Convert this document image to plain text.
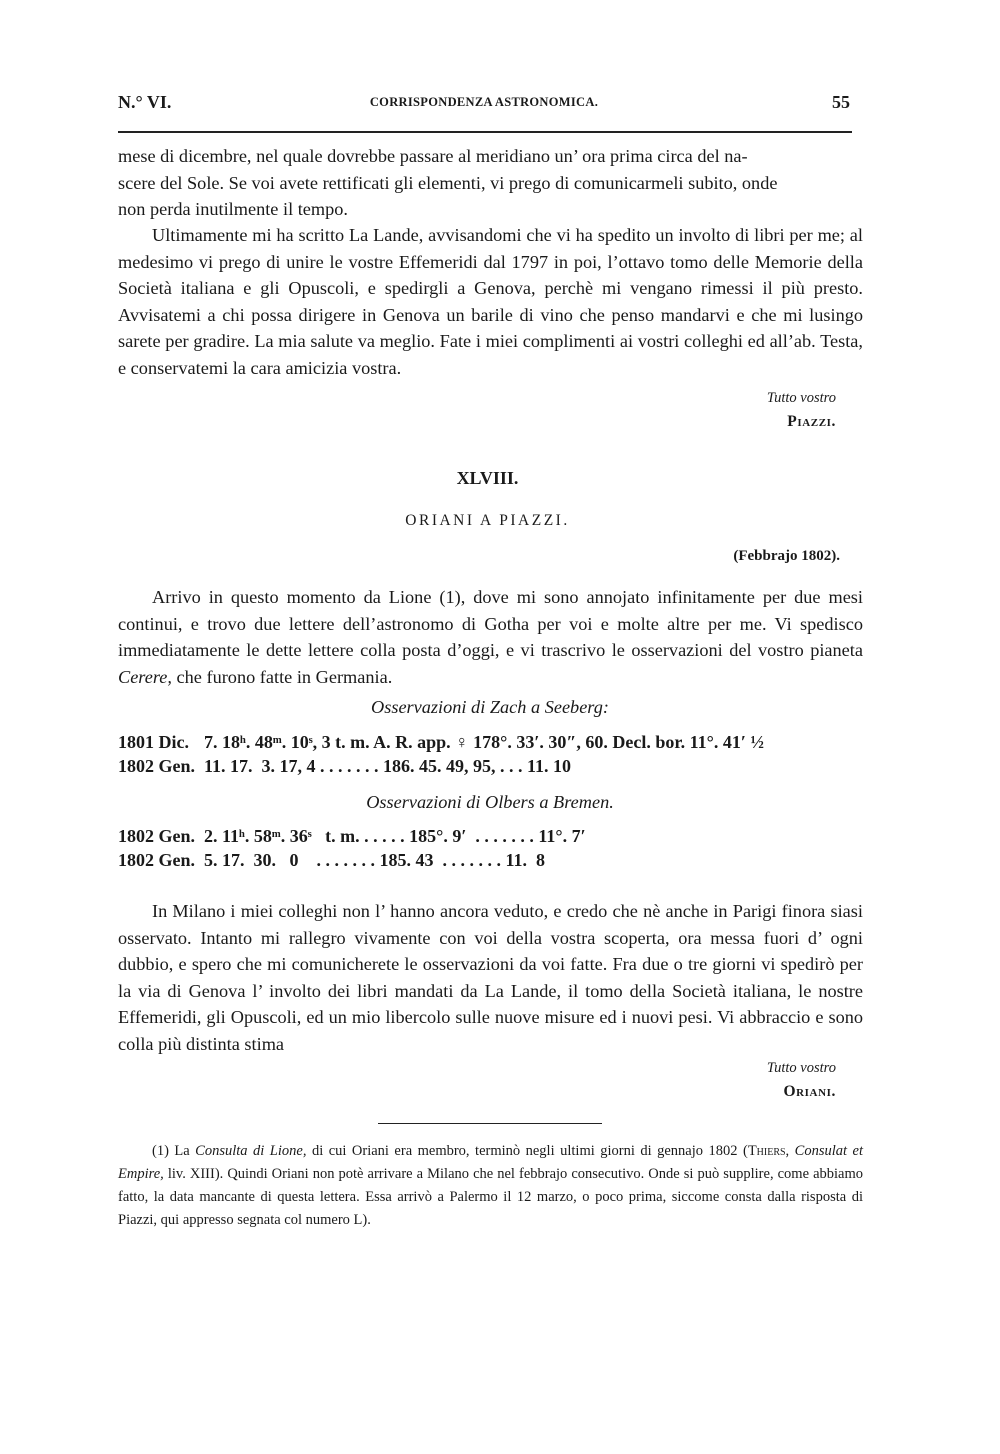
N.° VI.	CORRISPONDENZA ASTRONOMICA.	55

mese di dicembre, nel quale dovrebbe passare al meridiano un’ ora prima circa del na-
scere del Sole. Se voi avete rettificati gli elementi, vi prego di comunicarmeli subito, onde
non perda inutilmente il tempo.

Ultimamente mi ha scritto La Lande, avvisandomi che vi ha spedito un involto di libri per me; al medesimo vi prego di unire le vostre Effemeridi dal 1797 in poi, l’ottavo tomo delle Memorie della Società italiana e gli Opuscoli, e spedirgli a Genova, perchè mi vengano rimessi il più presto. Avvisatemi a chi possa dirigere in Genova un barile di vino che penso mandarvi e che mi lusingo sarete per gradire. La mia salute va meglio. Fate i miei complimenti ai vostri colleghi ed all’ab. Testa, e conservatemi la cara amicizia vostra.

Tutto vostro
Piazzi.
XLVIII.
ORIANI A PIAZZI.
(Febbrajo 1802).

Arrivo in questo momento da Lione (1), dove mi sono annojato infinitamente per due mesi continui, e trovo due lettere dell’astronomo di Gotha per voi e molte altre per me. Vi spedisco immediatamente le dette lettere colla posta d’oggi, e vi trascrivo le osservazioni del vostro pianeta Cerere, che furono fatte in Germania.

Osservazioni di Zach a Seeberg:
1801 Dic.	7. 18ʰ. 48ᵐ. 10ˢ, 3 t. m. A. R. app. ♀ 178°. 33′. 30″, 60. Decl. bor. 11°. 41′ ½
1802 Gen.	11. 17.  3. 17, 4 . . . . . . . 186. 45. 49, 95, . . . 11. 10
Osservazioni di Olbers a Bremen.
1802 Gen.	2. 11ʰ. 58ᵐ. 36ˢ   t. m. . . . . . 185°. 9′  . . . . . . . 11°. 7′
1802 Gen.	5. 17.  30.   0    . . . . . . . 185. 43  . . . . . . . 11.  8

In Milano i miei colleghi non l’ hanno ancora veduto, e credo che nè anche in Parigi finora siasi osservato. Intanto mi rallegro vivamente con voi della vostra scoperta, ora messa fuori d’ ogni dubbio, e spero che mi comunicherete le osservazioni da voi fatte. Fra due o tre giorni vi spedirò per la via di Genova l’ involto dei libri mandati da La Lande, il tomo della Società italiana, le nostre Effemeridi, gli Opuscoli, ed un mio libercolo sulle nuove misure ed i nuovi pesi. Vi abbraccio e sono colla più distinta stima

Tutto vostro
Oriani.

(1) La Consulta di Lione, di cui Oriani era membro, terminò negli ultimi giorni di gennajo 1802 (Thiers, Consulat et Empire, liv. XIII). Quindi Oriani non potè arrivare a Milano che nel febbrajo consecutivo. Onde si può supplire, come abbiamo fatto, la data mancante di questa lettera. Essa arrivò a Palermo il 12 marzo, o poco prima, siccome consta dalla risposta di Piazzi, qui appresso segnata col numero L).
